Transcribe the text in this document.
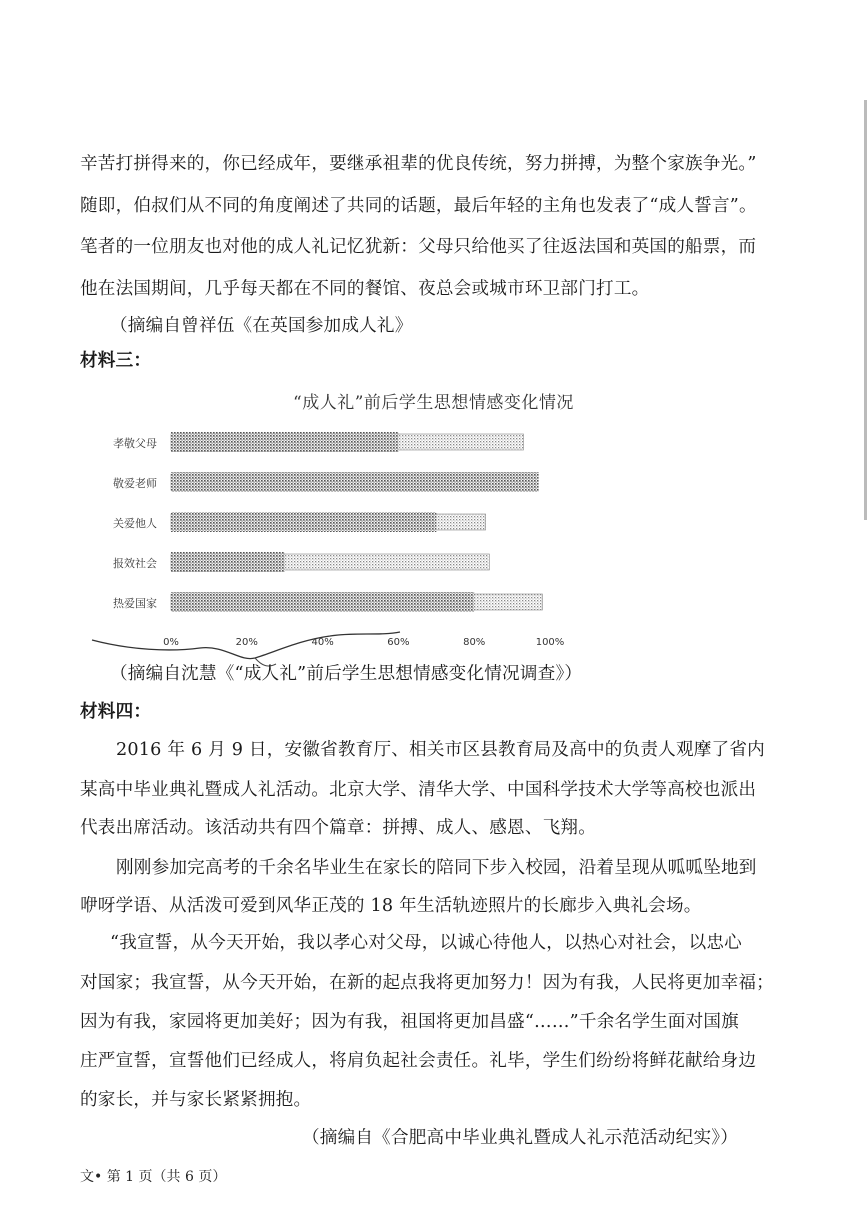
辛苦打拼得来的，你已经成年，要继承祖辈的优良传统，努力拼搏，为整个家族争光。”
随即，伯叔们从不同的角度阐述了共同的话题，最后年轻的主角也发表了“成人誓言”。
笔者的一位朋友也对他的成人礼记忆犹新：父母只给他买了往返法国和英国的船票，而
他在法国期间，几乎每天都在不同的餐馆、夜总会或城市环卫部门打工。
（摘编自曾祥伍《在英国参加成人礼》
材料三：
“成人礼”前后学生思想情感变化情况
孝敬父母
敬爱老师
关爱他人
报效社会
热爱国家
0%	20%	40%	60%	80%	100%
（摘编自沈慧《“成人礼”前后学生思想情感变化情况调查》）
材料四：
2016 年 6 月 9 日，安徽省教育厅、相关市区县教育局及高中的负责人观摩了省内
某高中毕业典礼暨成人礼活动。北京大学、清华大学、中国科学技术大学等高校也派出
代表出席活动。该活动共有四个篇章：拼搏、成人、感恩、飞翔。
刚刚参加完高考的千余名毕业生在家长的陪同下步入校园，沿着呈现从呱呱坠地到
咿呀学语、从活泼可爱到风华正茂的 18 年生活轨迹照片的长廊步入典礼会场。
“我宣誓，从今天开始，我以孝心对父母，以诚心待他人，以热心对社会，以忠心
对国家；我宣誓，从今天开始，在新的起点我将更加努力！因为有我，人民将更加幸福；
因为有我，家园将更加美好；因为有我，祖国将更加昌盛“……”千余名学生面对国旗
庄严宣誓，宣誓他们已经成人，将肩负起社会责任。礼毕，学生们纷纷将鲜花献给身边
的家长，并与家长紧紧拥抱。
（摘编自《合肥高中毕业典礼暨成人礼示范活动纪实》）
文• 第 1 页（共 6 页）
